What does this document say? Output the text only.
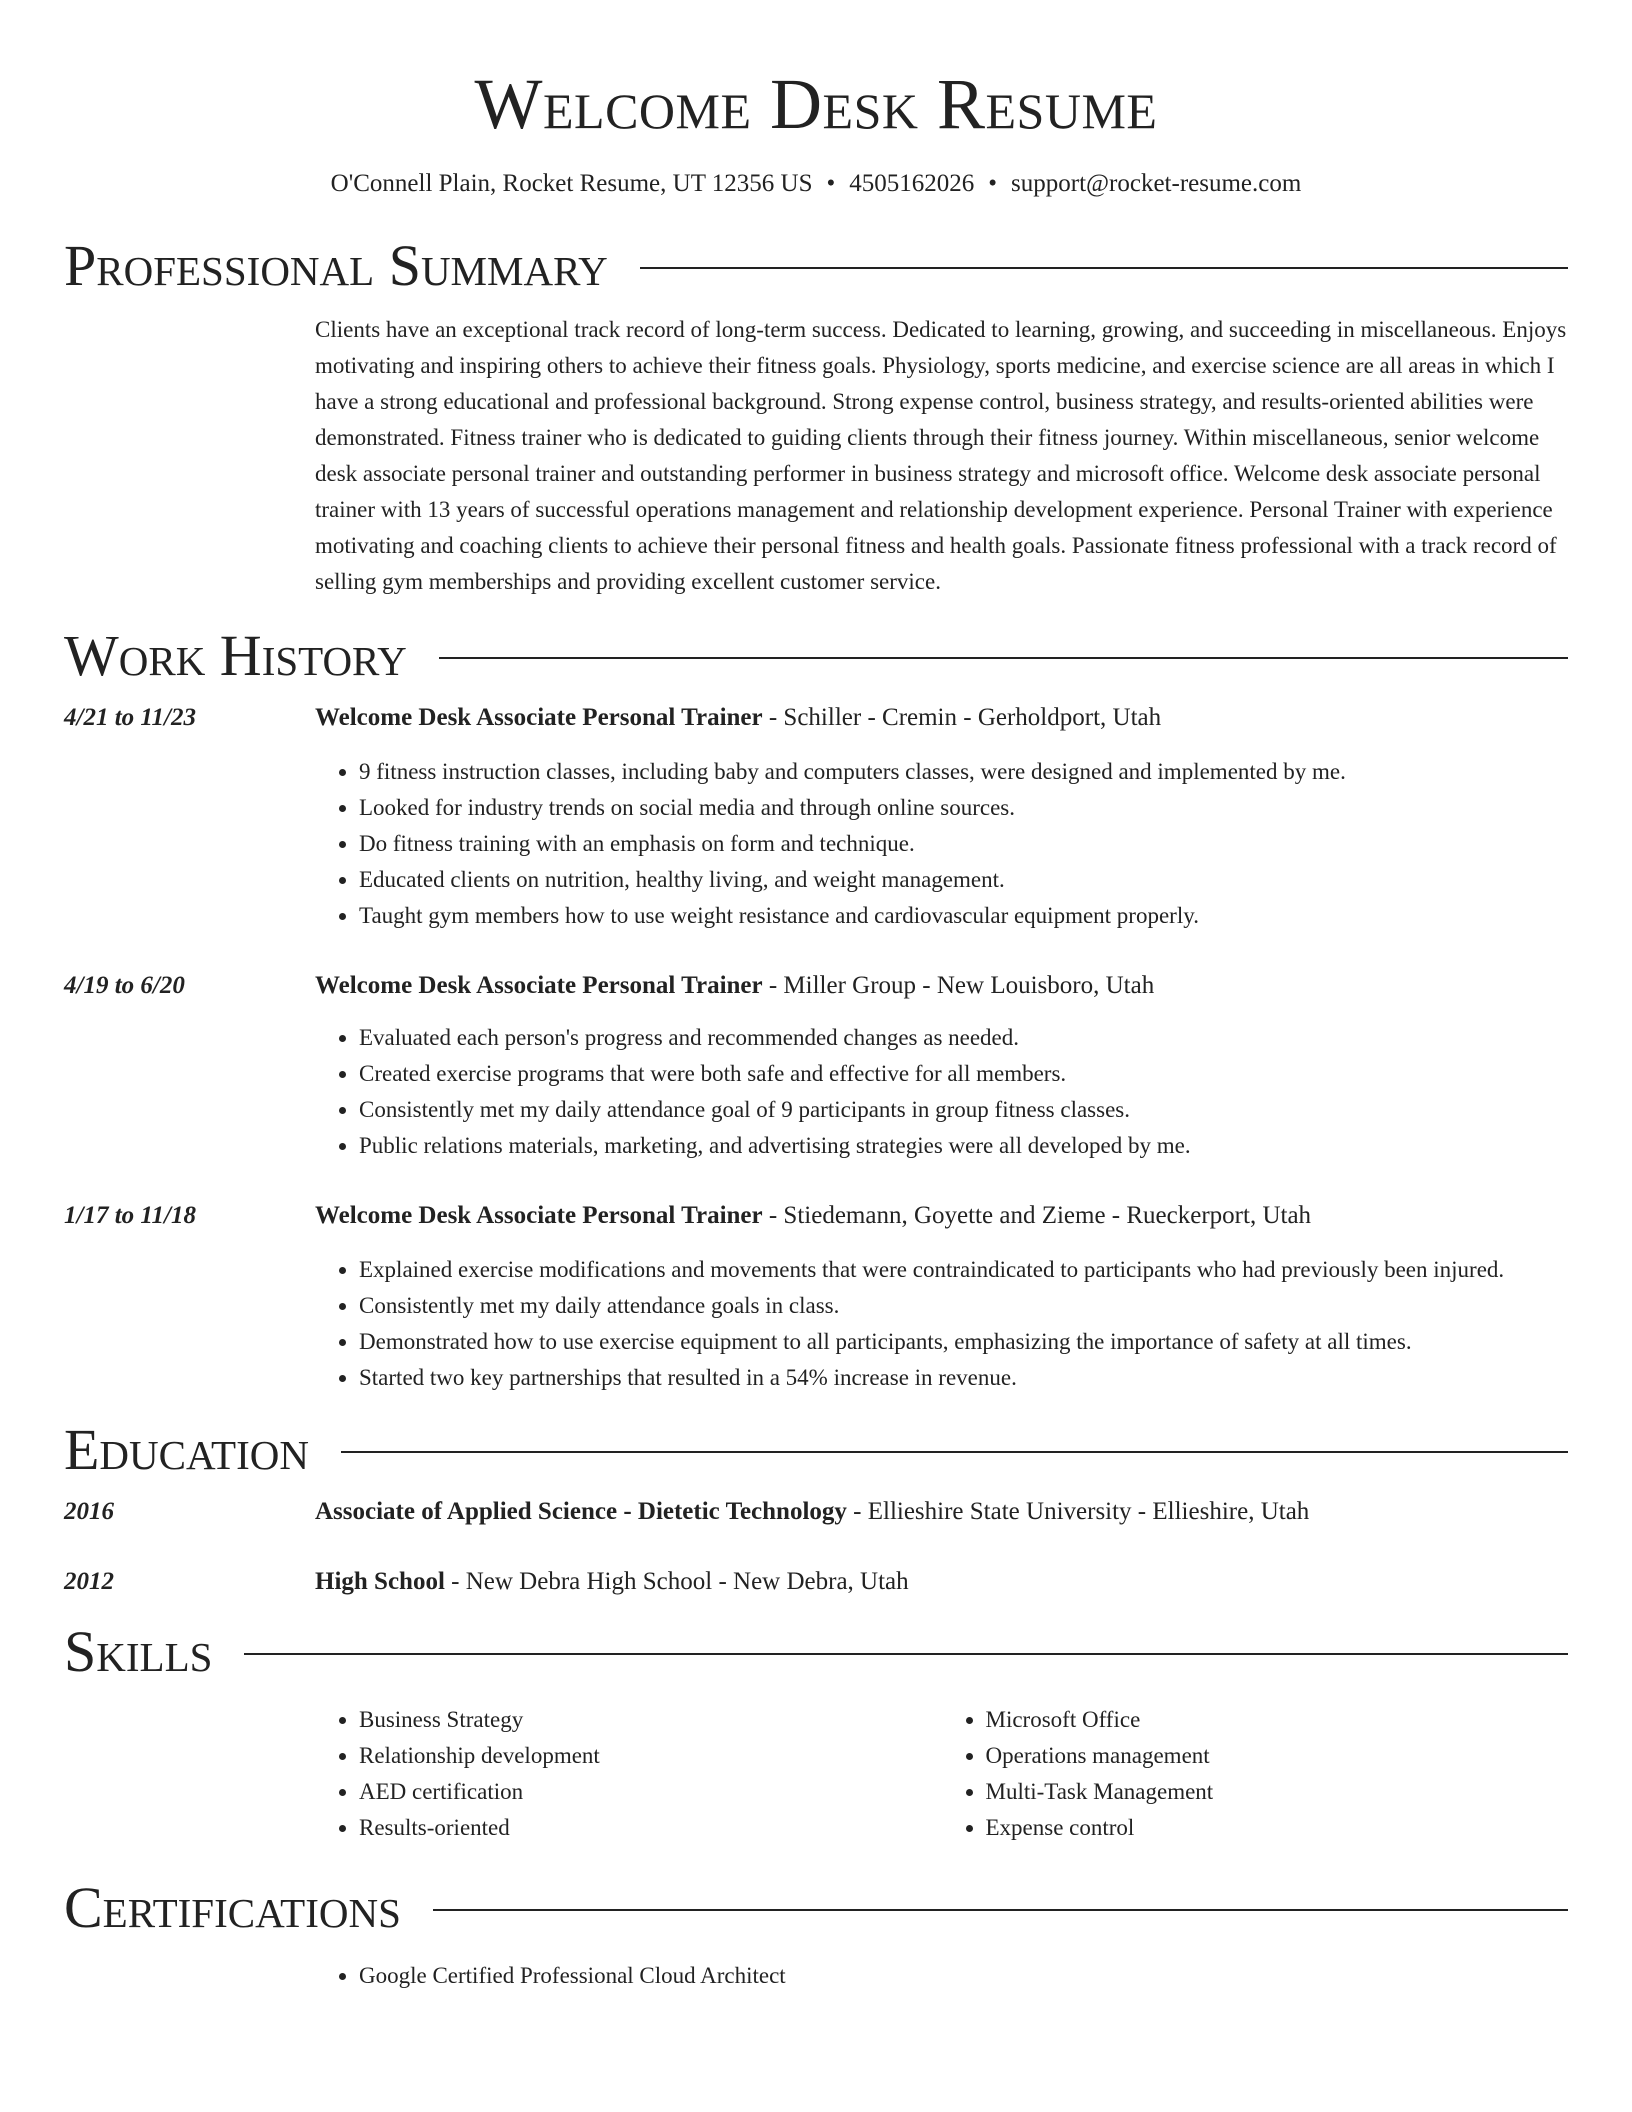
Welcome Desk Resume
O'Connell Plain, Rocket Resume, UT 12356 US • 4505162026 • support@rocket-resume.com
Professional Summary
Clients have an exceptional track record of long-term success. Dedicated to learning, growing, and succeeding in miscellaneous. Enjoys motivating and inspiring others to achieve their fitness goals. Physiology, sports medicine, and exercise science are all areas in which I have a strong educational and professional background. Strong expense control, business strategy, and results-oriented abilities were demonstrated. Fitness trainer who is dedicated to guiding clients through their fitness journey. Within miscellaneous, senior welcome desk associate personal trainer and outstanding performer in business strategy and microsoft office. Welcome desk associate personal trainer with 13 years of successful operations management and relationship development experience. Personal Trainer with experience motivating and coaching clients to achieve their personal fitness and health goals. Passionate fitness professional with a track record of selling gym memberships and providing excellent customer service.
Work History
4/21 to 11/23	Welcome Desk Associate Personal Trainer - Schiller - Cremin - Gerholdport, Utah
• 9 fitness instruction classes, including baby and computers classes, were designed and implemented by me.
• Looked for industry trends on social media and through online sources.
• Do fitness training with an emphasis on form and technique.
• Educated clients on nutrition, healthy living, and weight management.
• Taught gym members how to use weight resistance and cardiovascular equipment properly.
4/19 to 6/20	Welcome Desk Associate Personal Trainer - Miller Group - New Louisboro, Utah
• Evaluated each person's progress and recommended changes as needed.
• Created exercise programs that were both safe and effective for all members.
• Consistently met my daily attendance goal of 9 participants in group fitness classes.
• Public relations materials, marketing, and advertising strategies were all developed by me.
1/17 to 11/18	Welcome Desk Associate Personal Trainer - Stiedemann, Goyette and Zieme - Rueckerport, Utah
• Explained exercise modifications and movements that were contraindicated to participants who had previously been injured.
• Consistently met my daily attendance goals in class.
• Demonstrated how to use exercise equipment to all participants, emphasizing the importance of safety at all times.
• Started two key partnerships that resulted in a 54% increase in revenue.
Education
2016	Associate of Applied Science - Dietetic Technology - Ellieshire State University - Ellieshire, Utah
2012	High School - New Debra High School - New Debra, Utah
Skills
• Business Strategy
• Relationship development
• AED certification
• Results-oriented
• Microsoft Office
• Operations management
• Multi-Task Management
• Expense control
Certifications
• Google Certified Professional Cloud Architect
